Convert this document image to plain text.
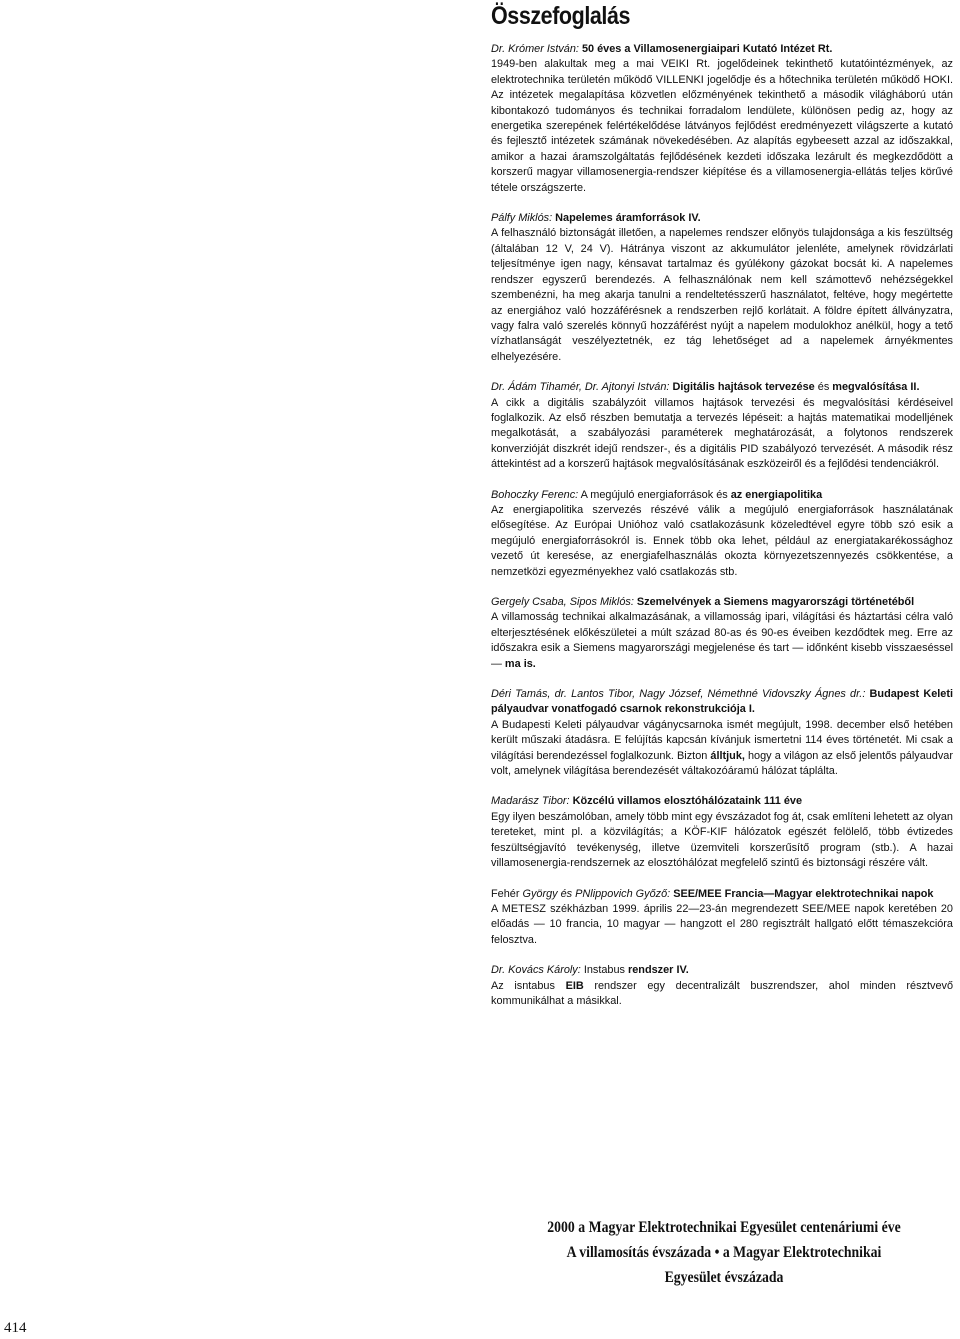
Összefoglalás

Dr. Krómer István: 50 éves a Villamosenergiaipari Kutató Intézet Rt.
1949-ben alakultak meg a mai VEIKI Rt. jogelődeinek tekinthető kutatóintézmények, az elektrotechnika területén működő VILLENKI jogelődje és a hőtechnika területén működő HOKI. Az intézetek megalapítása közvetlen előzményének tekinthető a második világháború után kibontakozó tudományos és technikai forradalom lendülete, különösen pedig az, hogy az energetika szerepének felértékelődése látványos fejlődést eredményezett világszerte a kutató és fejlesztő intézetek számának növekedésében. Az alapítás egybeesett azzal az időszakkal, amikor a hazai áramszolgáltatás fejlődésének kezdeti időszaka lezárult és megkezdődött a korszerű magyar villamosenergia-rendszer kiépítése és a villamosenergia-ellátás teljes körűvé tétele országszerte.

Pálfy Miklós: Napelemes áramforrások IV.
A felhasználó biztonságát illetően, a napelemes rendszer előnyös tulajdonsága a kis feszültség (általában 12 V, 24 V). Hátránya viszont az akkumulátor jelenléte, amelynek rövidzárlati teljesítménye igen nagy, kénsavat tartalmaz és gyúlékony gázokat bocsát ki. A napelemes rendszer egyszerű berendezés. A felhasználónak nem kell számottevő nehézségekkel szembenézni, ha meg akarja tanulni a rendeltetésszerű használatot, feltéve, hogy megértette az energiához való hozzáférésnek a rendszerben rejlő korlátait. A földre épített állványzatra, vagy falra való szerelés könnyű hozzáférést nyújt a napelem modulokhoz anélkül, hogy a tető vízhatlanságát veszélyeztetnék, ez tág lehetőséget ad a napelemek árnyékmentes elhelyezésére.

Dr. Ádám Tihamér, Dr. Ajtonyi István: Digitális hajtások tervezése és megvalósítása II.
A cikk a digitális szabályzóit villamos hajtások tervezési és megvalósítási kérdéseivel foglalkozik. Az első részben bemutatja a tervezés lépéseit: a hajtás matematikai modelljének megalkotását, a szabályozási paraméterek meghatározását, a folytonos rendszerek konverzióját diszkrét idejű rendszer-, és a digitális PID szabályozó tervezését. A második rész áttekintést ad a korszerű hajtások megvalósításának eszközeiről és a fejlődési tendenciákról.

Bohoczky Ferenc: A megújuló energiaforrások és az energiapolitika
Az energiapolitika szervezés részévé válik a megújuló energiaforrások használatának elősegítése. Az Európai Unióhoz való csatlakozásunk közeledtével egyre több szó esik a megújuló energiaforrásokról is. Ennek több oka lehet, például az energiatakarékossághoz vezető út keresése, az energiafelhasználás okozta környezetszennyezés csökkentése, a nemzetközi egyezményekhez való csatlakozás stb.

Gergely Csaba, Sipos Miklós: Szemelvények a Siemens magyarországi történetéből
A villamosság technikai alkalmazásának, a villamosság ipari, világítási és háztartási célra való elterjesztésének előkészületei a múlt század 80-as és 90-es éveiben kezdődtek meg. Erre az időszakra esik a Siemens magyarországi megjelenése és tart — időnként kisebb visszaeséssel — ma is.

Déri Tamás, dr. Lantos Tibor, Nagy József, Némethné Vidovszky Ágnes dr.: Budapest Keleti pályaudvar vonatfogadó csarnok rekonstrukciója I.
A Budapesti Keleti pályaudvar vágánycsarnoka ismét megújult, 1998. december első hetében került műszaki átadásra. E felújítás kapcsán kívánjuk ismertetni 114 éves történetét. Mi csak a világítási berendezéssel foglalkozunk. Bizton álltjuk, hogy a világon az első jelentős pályaudvar volt, amelynek világítása berendezését váltakozóáramú hálózat táplálta.

Madarász Tibor: Közcélú villamos elosztóhálózataink 111 éve
Egy ilyen beszámolóban, amely több mint egy évszázadot fog át, csak említeni lehetett az olyan tereteket, mint pl. a közvilágítás; a KÖF-KIF hálózatok egészét felölelő, több évtizedes feszültségjavító tevékenység, illetve üzemviteli korszerűsítő program (stb.). A hazai villamosenergia-rendszernek az elosztóhálózat megfelelő szintű és biztonsági részére vált.

Fehér György és PNlippovich Győző: SEE/MEE Francia—Magyar elektrotechnikai napok
A METESZ székházban 1999. április 22—23-án megrendezett SEE/MEE napok keretében 20 előadás — 10 francia, 10 magyar — hangzott el 280 regisztrált hallgató előtt témaszekcióra felosztva.

Dr. Kovács Károly: Instabus rendszer IV.
Az isntabus EIB rendszer egy decentralizált buszrendszer, ahol minden résztvevő kommunikálhat a másikkal.

2000 a Magyar Elektrotechnikai Egyesület centenáriumi éve
A villamosítás évszázada • a Magyar Elektrotechnikai
Egyesület évszázada
414
